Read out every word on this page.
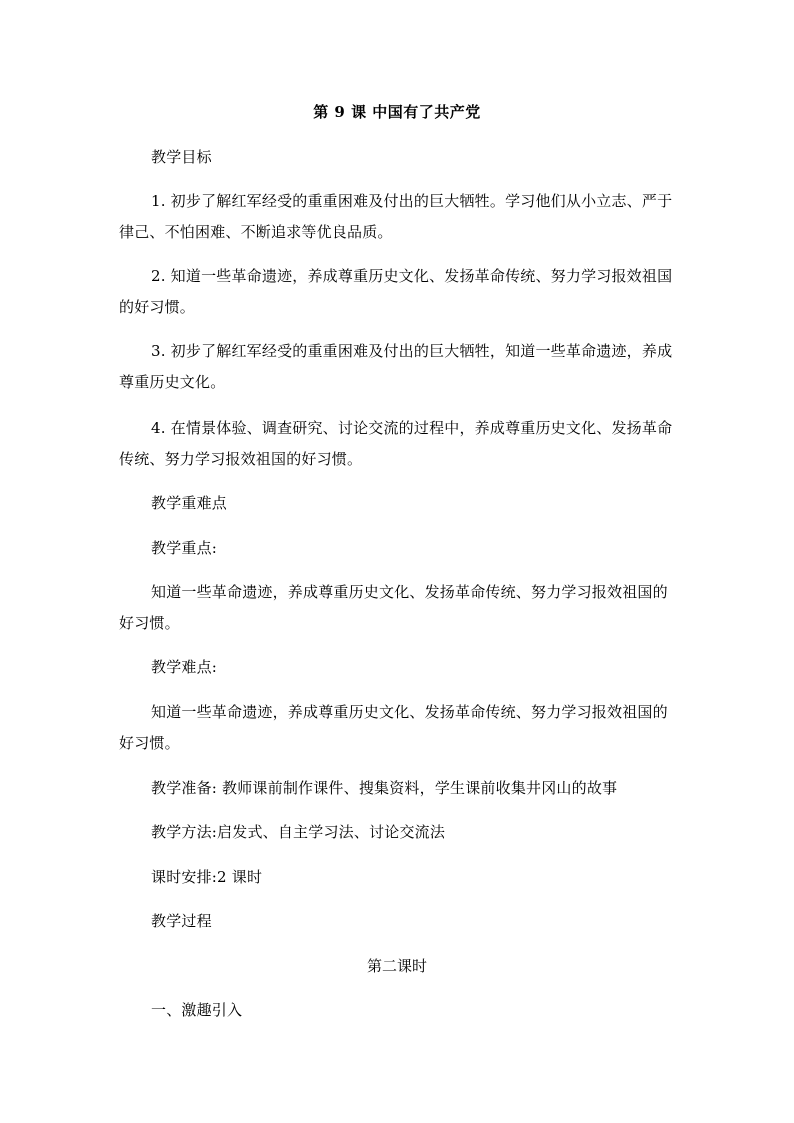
第 9 课 中国有了共产党
教学目标
1. 初步了解红军经受的重重困难及付出的巨大牺牲。学习他们从小立志、严于律己、不怕困难、不断追求等优良品质。
2. 知道一些革命遗迹，养成尊重历史文化、发扬革命传统、努力学习报效祖国的好习惯。
3. 初步了解红军经受的重重困难及付出的巨大牺牲，知道一些革命遗迹，养成尊重历史文化。
4. 在情景体验、调查研究、讨论交流的过程中，养成尊重历史文化、发扬革命传统、努力学习报效祖国的好习惯。
教学重难点
教学重点:
知道一些革命遗迹，养成尊重历史文化、发扬革命传统、努力学习报效祖国的好习惯。
教学难点:
知道一些革命遗迹，养成尊重历史文化、发扬革命传统、努力学习报效祖国的好习惯。
教学准备: 教师课前制作课件、搜集资料，学生课前收集井冈山的故事
教学方法:启发式、自主学习法、讨论交流法
课时安排:2 课时
教学过程
第二课时
一、激趣引入
